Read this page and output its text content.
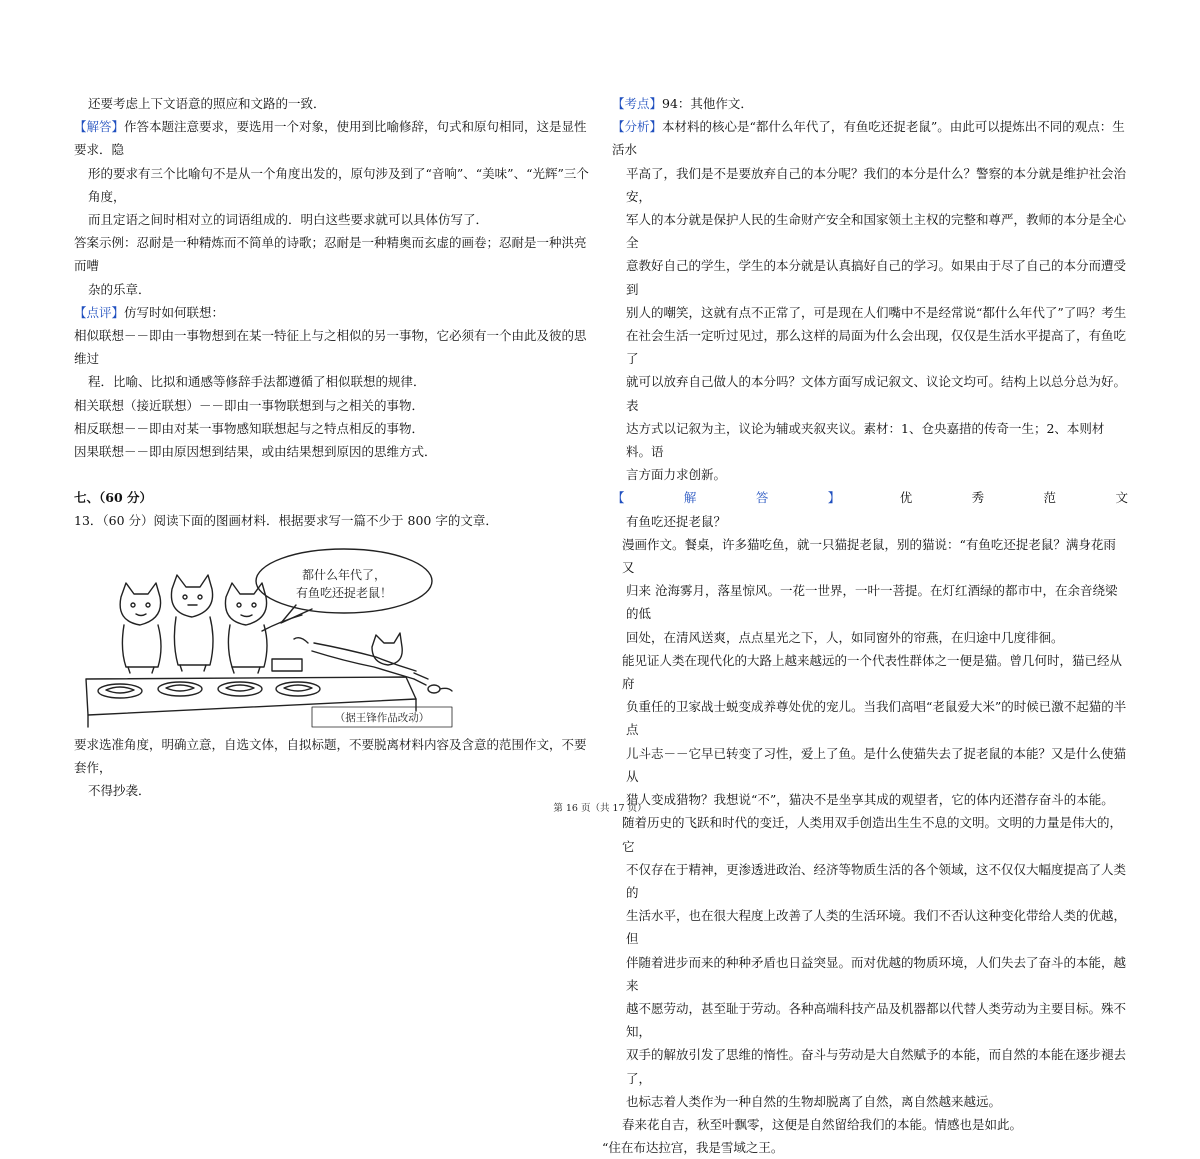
还要考虑上下文语意的照应和文路的一致．

【解答】作答本题注意要求，要选用一个对象，使用到比喻修辞，句式和原句相同，这是显性要求．隐

形的要求有三个比喻句不是从一个角度出发的，原句涉及到了“音响”、“美味”、“光辉”三个角度，

而且定语之间时相对立的词语组成的．明白这些要求就可以具体仿写了．

答案示例：忍耐是一种精炼而不简单的诗歌；忍耐是一种精奥而玄虚的画卷；忍耐是一种洪亮而嘈

杂的乐章．

【点评】仿写时如何联想：

相似联想－－即由一事物想到在某一特征上与之相似的另一事物，它必须有一个由此及彼的思维过

程．比喻、比拟和通感等修辞手法都遵循了相似联想的规律．

相关联想（接近联想）－－即由一事物联想到与之相关的事物．

相反联想－－即由对某一事物感知联想起与之特点相反的事物．

因果联想－－即由原因想到结果，或由结果想到原因的思维方式．

七、（60 分）

13．（60 分）阅读下面的图画材料．根据要求写一篇不少于 800 字的文章．

都什么年代了，
有鱼吃还捉老鼠！
（据王锋作品改动）

要求选准角度，明确立意，自选文体，自拟标题，不要脱离材料内容及含意的范围作文，不要套作，

不得抄袭．

【考点】94：其他作文．

【分析】本材料的核心是“都什么年代了，有鱼吃还捉老鼠”。由此可以提炼出不同的观点：生活水

平高了，我们是不是要放弃自己的本分呢？我们的本分是什么？警察的本分就是维护社会治安，

军人的本分就是保护人民的生命财产安全和国家领土主权的完整和尊严，教师的本分是全心全

意教好自己的学生，学生的本分就是认真搞好自己的学习。如果由于尽了自己的本分而遭受到

别人的嘲笑，这就有点不正常了，可是现在人们嘴中不是经常说“都什么年代了”了吗？考生

在社会生活一定听过见过，那么这样的局面为什么会出现，仅仅是生活水平提高了，有鱼吃了

就可以放弃自己做人的本分吗？文体方面写成记叙文、议论文均可。结构上以总分总为好。表

达方式以记叙为主，议论为辅或夹叙夹议。素材：1、仓央嘉措的传奇一生；2、本则材料。语

言方面力求创新。

【	解	答	】	优	秀	范	文

有鱼吃还捉老鼠？

漫画作文。餐桌，许多猫吃鱼，就一只猫捉老鼠，别的猫说：“有鱼吃还捉老鼠？满身花雨又

归来 沧海雾月，落星惊风。一花一世界，一叶一菩提。在灯红酒绿的都市中，在余音绕梁的低

回处，在清风送爽，点点星光之下，人，如同窗外的帘燕，在归途中几度徘徊。

能见证人类在现代化的大路上越来越远的一个代表性群体之一便是猫。曾几何时，猫已经从府

负重任的卫家战士蜕变成养尊处优的宠儿。当我们高唱“老鼠爱大米”的时候已激不起猫的半点

儿斗志－－它早已转变了习性，爱上了鱼。是什么使猫失去了捉老鼠的本能？又是什么使猫从

猎人变成猎物？我想说“不”，猫决不是坐享其成的观望者，它的体内还潜存奋斗的本能。

随着历史的飞跃和时代的变迁，人类用双手创造出生生不息的文明。文明的力量是伟大的，它

不仅存在于精神，更渗透进政治、经济等物质生活的各个领域，这不仅仅大幅度提高了人类的

生活水平，也在很大程度上改善了人类的生活环境。我们不否认这种变化带给人类的优越，但

伴随着进步而来的种种矛盾也日益突显。而对优越的物质环境，人们失去了奋斗的本能，越来

越不愿劳动，甚至耻于劳动。各种高端科技产品及机器都以代替人类劳动为主要目标。殊不知，

双手的解放引发了思维的惰性。奋斗与劳动是大自然赋予的本能，而自然的本能在逐步褪去了，

也标志着人类作为一种自然的生物却脱离了自然，离自然越来越远。

春来花自吉，秋至叶飘零，这便是自然留给我们的本能。情感也是如此。

“住在布达拉宫，我是雪域之王。

第 16 页（共 17 页）
